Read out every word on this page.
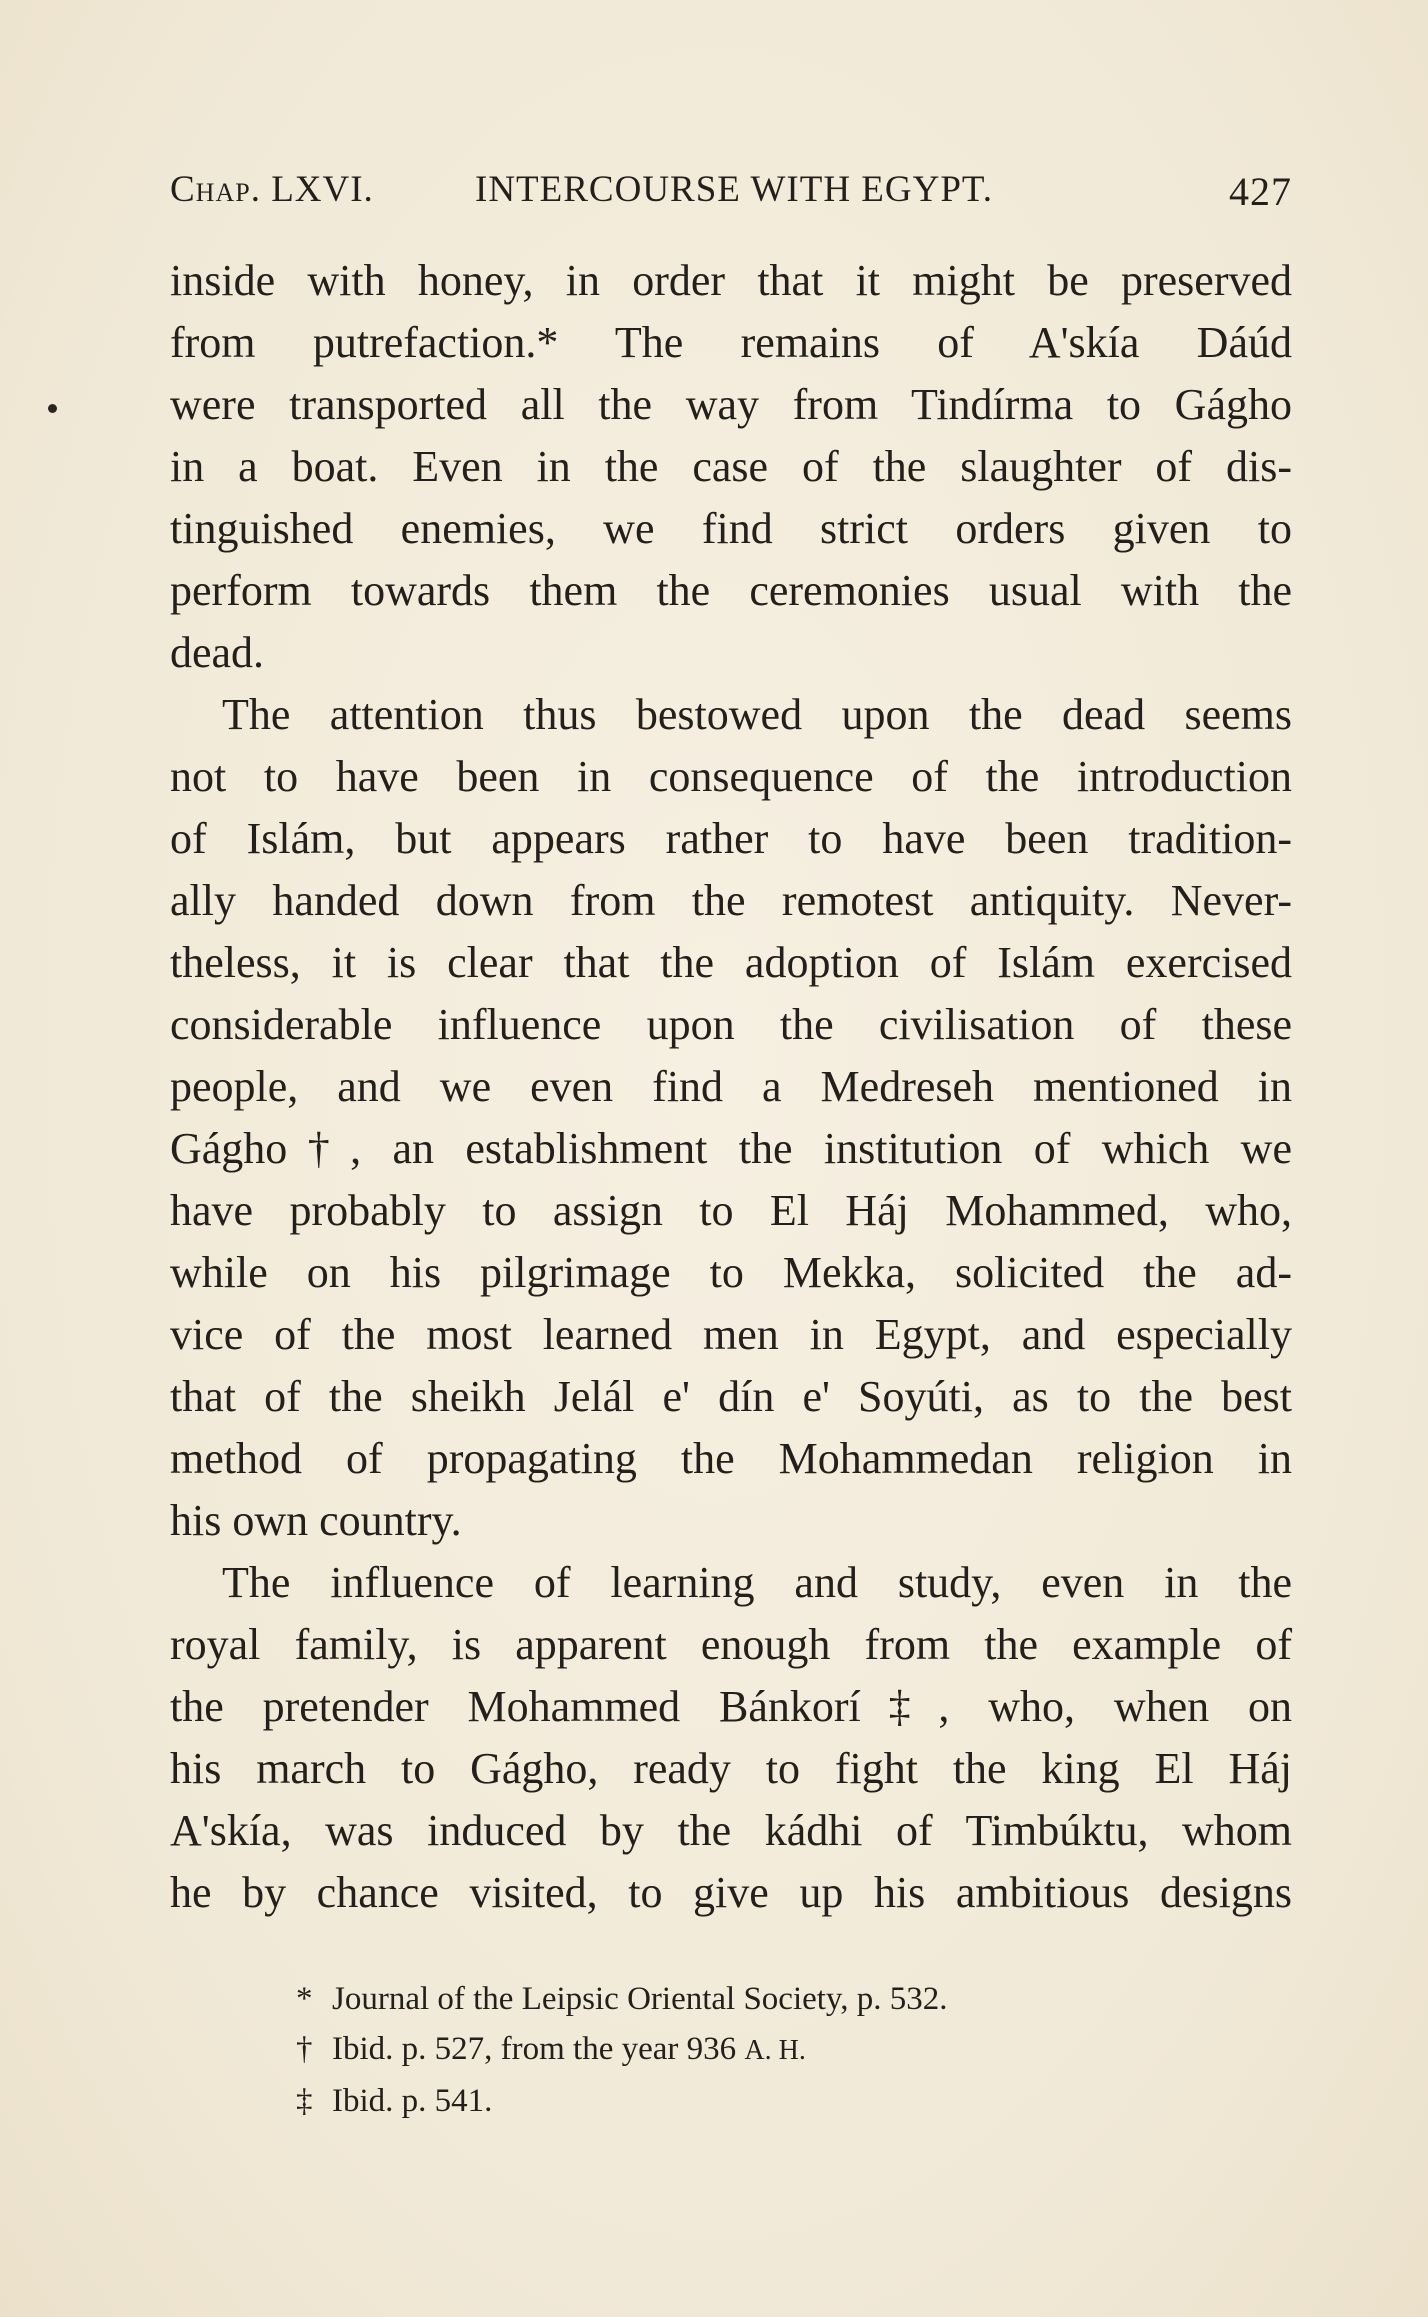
Chap. LXVI.	INTERCOURSE WITH EGYPT.	427
inside with honey, in order that it might be preserved
from putrefaction.* The remains of A'skía Dáúd
were transported all the way from Tindírma to Gágho
in a boat. Even in the case of the slaughter of dis-
tinguished enemies, we find strict orders given to
perform towards them the ceremonies usual with the
dead.
The attention thus bestowed upon the dead seems
not to have been in consequence of the introduction
of Islám, but appears rather to have been tradition-
ally handed down from the remotest antiquity. Never-
theless, it is clear that the adoption of Islám exercised
considerable influence upon the civilisation of these
people, and we even find a Medreseh mentioned in
Gágho†, an establishment the institution of which we
have probably to assign to El Háj Mohammed, who,
while on his pilgrimage to Mekka, solicited the ad-
vice of the most learned men in Egypt, and especially
that of the sheikh Jelál e' dín e' Soyúti, as to the best
method of propagating the Mohammedan religion in
his own country.
The influence of learning and study, even in the
royal family, is apparent enough from the example of
the pretender Mohammed Bánkorí‡, who, when on
his march to Gágho, ready to fight the king El Háj
A'skía, was induced by the kádhi of Timbúktu, whom
he by chance visited, to give up his ambitious designs
* Journal of the Leipsic Oriental Society, p. 532.
† Ibid. p. 527, from the year 936 A. H.
‡ Ibid. p. 541.
